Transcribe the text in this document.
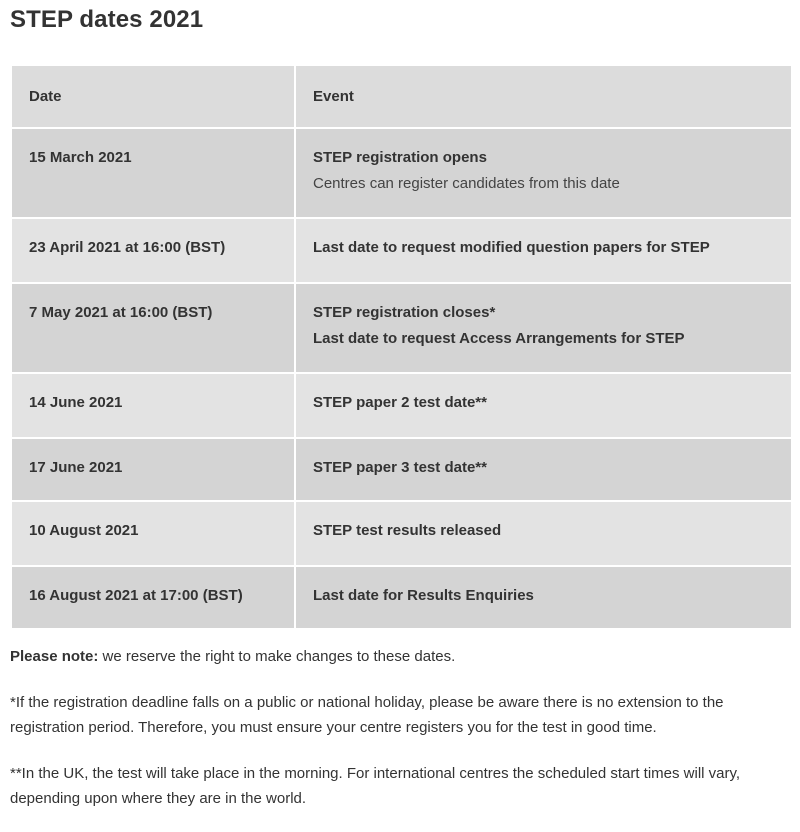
STEP dates 2021
Date	Event

15 March 2021	STEP registration opens
Centres can register candidates from this date

23 April 2021 at 16:00 (BST)	Last date to request modified question papers for STEP

7 May 2021 at 16:00 (BST)	STEP registration closes*
Last date to request Access Arrangements for STEP

14 June 2021	STEP paper 2 test date**

17 June 2021	STEP paper 3 test date**

10 August 2021	STEP test results released

16 August 2021 at 17:00 (BST)	Last date for Results Enquiries

Please note: we reserve the right to make changes to these dates.

*If the registration deadline falls on a public or national holiday, please be aware there is no extension to the registration period. Therefore, you must ensure your centre registers you for the test in good time.

**In the UK, the test will take place in the morning. For international centres the scheduled start times will vary, depending upon where they are in the world.
